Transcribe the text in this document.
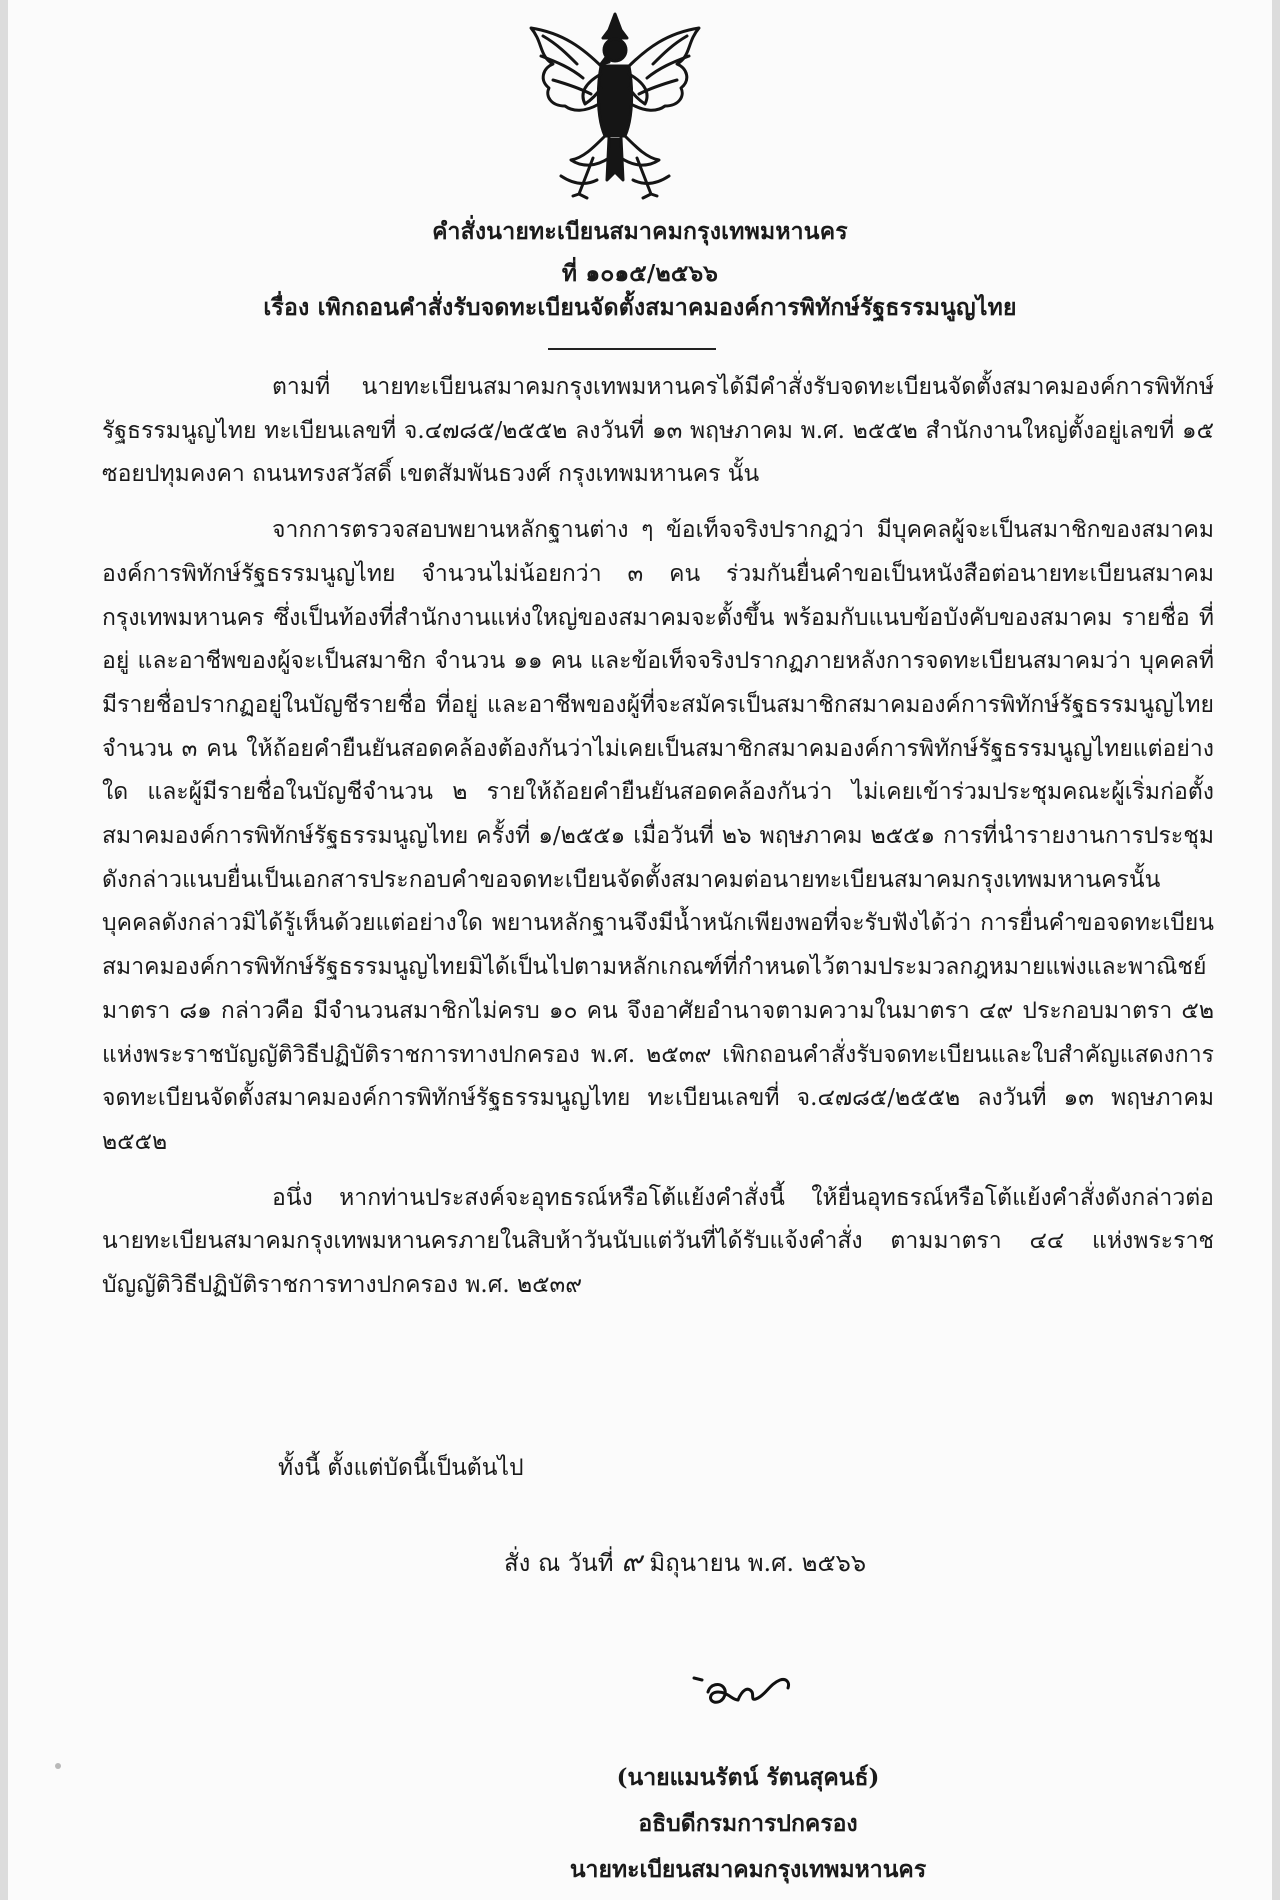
คำสั่งนายทะเบียนสมาคมกรุงเทพมหานคร
ที่ ๑๐๑๕/๒๕๖๖
เรื่อง เพิกถอนคำสั่งรับจดทะเบียนจัดตั้งสมาคมองค์การพิทักษ์รัฐธรรมนูญไทย

ตามที่ นายทะเบียนสมาคมกรุงเทพมหานครได้มีคำสั่งรับจดทะเบียนจัดตั้งสมาคมองค์การพิทักษ์รัฐธรรมนูญไทย ทะเบียนเลขที่ จ.๔๗๘๕/๒๕๕๒ ลงวันที่ ๑๓ พฤษภาคม พ.ศ. ๒๕๕๒ สำนักงานใหญ่ตั้งอยู่เลขที่ ๑๕ ซอยปทุมคงคา ถนนทรงสวัสดิ์ เขตสัมพันธวงศ์ กรุงเทพมหานคร นั้น

จากการตรวจสอบพยานหลักฐานต่าง ๆ ข้อเท็จจริงปรากฏว่า มีบุคคลผู้จะเป็นสมาชิกของสมาคมองค์การพิทักษ์รัฐธรรมนูญไทย จำนวนไม่น้อยกว่า ๓ คน ร่วมกันยื่นคำขอเป็นหนังสือต่อนายทะเบียนสมาคมกรุงเทพมหานคร ซึ่งเป็นท้องที่สำนักงานแห่งใหญ่ของสมาคมจะตั้งขึ้น พร้อมกับแนบข้อบังคับของสมาคม รายชื่อ ที่อยู่ และอาชีพของผู้จะเป็นสมาชิก จำนวน ๑๑ คน และข้อเท็จจริงปรากฏภายหลังการจดทะเบียนสมาคมว่า บุคคลที่มีรายชื่อปรากฏอยู่ในบัญชีรายชื่อ ที่อยู่ และอาชีพของผู้ที่จะสมัครเป็นสมาชิกสมาคมองค์การพิทักษ์รัฐธรรมนูญไทย จำนวน ๓ คน ให้ถ้อยคำยืนยันสอดคล้องต้องกันว่าไม่เคยเป็นสมาชิกสมาคมองค์การพิทักษ์รัฐธรรมนูญไทยแต่อย่างใด และผู้มีรายชื่อในบัญชีจำนวน ๒ รายให้ถ้อยคำยืนยันสอดคล้องกันว่า ไม่เคยเข้าร่วมประชุมคณะผู้เริ่มก่อตั้งสมาคมองค์การพิทักษ์รัฐธรรมนูญไทย ครั้งที่ ๑/๒๕๕๑ เมื่อวันที่ ๒๖ พฤษภาคม ๒๕๕๑ การที่นำรายงานการประชุมดังกล่าวแนบยื่นเป็นเอกสารประกอบคำขอจดทะเบียนจัดตั้งสมาคมต่อนายทะเบียนสมาคมกรุงเทพมหานครนั้น บุคคลดังกล่าวมิได้รู้เห็นด้วยแต่อย่างใด พยานหลักฐานจึงมีน้ำหนักเพียงพอที่จะรับฟังได้ว่า การยื่นคำขอจดทะเบียนสมาคมองค์การพิทักษ์รัฐธรรมนูญไทยมิได้เป็นไปตามหลักเกณฑ์ที่กำหนดไว้ตามประมวลกฎหมายแพ่งและพาณิชย์ มาตรา ๘๑ กล่าวคือ มีจำนวนสมาชิกไม่ครบ ๑๐ คน จึงอาศัยอำนาจตามความในมาตรา ๔๙ ประกอบมาตรา ๕๒ แห่งพระราชบัญญัติวิธีปฏิบัติราชการทางปกครอง พ.ศ. ๒๕๓๙ เพิกถอนคำสั่งรับจดทะเบียนและใบสำคัญแสดงการจดทะเบียนจัดตั้งสมาคมองค์การพิทักษ์รัฐธรรมนูญไทย ทะเบียนเลขที่ จ.๔๗๘๕/๒๕๕๒ ลงวันที่ ๑๓ พฤษภาคม ๒๕๕๒

อนึ่ง หากท่านประสงค์จะอุทธรณ์หรือโต้แย้งคำสั่งนี้ ให้ยื่นอุทธรณ์หรือโต้แย้งคำสั่งดังกล่าวต่อนายทะเบียนสมาคมกรุงเทพมหานครภายในสิบห้าวันนับแต่วันที่ได้รับแจ้งคำสั่ง ตามมาตรา ๔๔ แห่งพระราชบัญญัติวิธีปฏิบัติราชการทางปกครอง พ.ศ. ๒๕๓๙

ทั้งนี้ ตั้งแต่บัดนี้เป็นต้นไป
สั่ง ณ วันที่ ๙ มิถุนายน พ.ศ. ๒๕๖๖
(นายแมนรัตน์ รัตนสุคนธ์)
อธิบดีกรมการปกครอง
นายทะเบียนสมาคมกรุงเทพมหานคร
